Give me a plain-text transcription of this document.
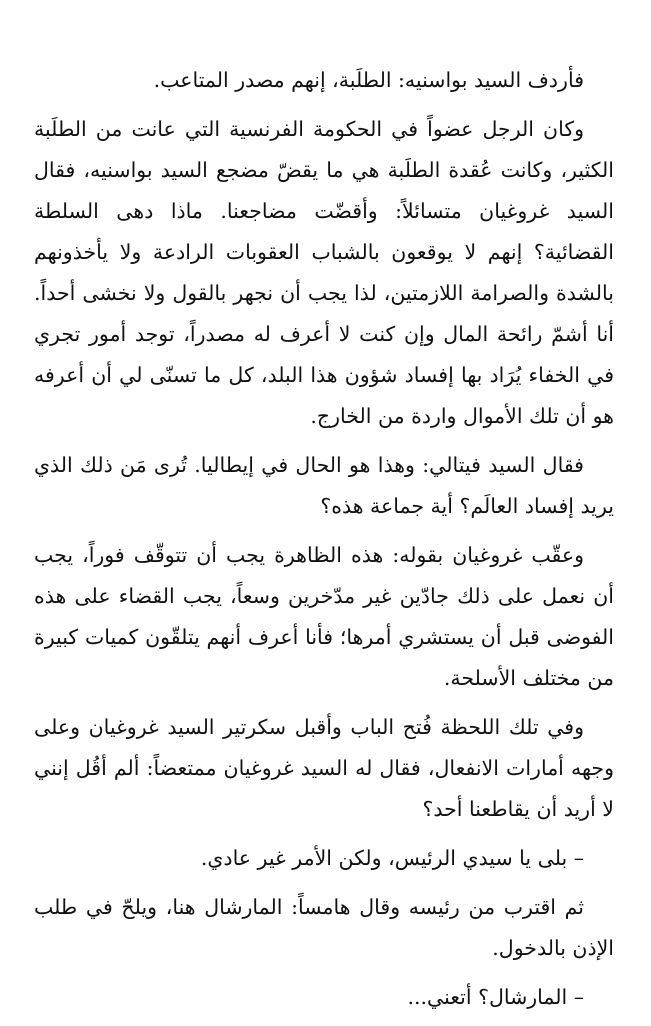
فأردف السيد بواسنيه: الطلَبة، إنهم مصدر المتاعب.

وكان الرجل عضواً في الحكومة الفرنسية التي عانت من الطلَبة الكثير، وكانت عُقدة الطلَبة هي ما يقضّ مضجع السيد بواسنيه، فقال السيد غروغيان متسائلاً: وأقضّت مضاجعنا. ماذا دهى السلطة القضائية؟ إنهم لا يوقعون بالشباب العقوبات الرادعة ولا يأخذونهم بالشدة والصرامة اللازمتين، لذا يجب أن نجهر بالقول ولا نخشى أحداً. أنا أشمّ رائحة المال وإن كنت لا أعرف له مصدراً، توجد أمور تجري في الخفاء يُرَاد بها إفساد شؤون هذا البلد، كل ما تسنّى لي أن أعرفه هو أن تلك الأموال واردة من الخارج.

فقال السيد فيتالي: وهذا هو الحال في إيطاليا. تُرى مَن ذلك الذي يريد إفساد العالَم؟ أية جماعة هذه؟

وعقّب غروغيان بقوله: هذه الظاهرة يجب أن تتوقّف فوراً، يجب أن نعمل على ذلك جادّين غير مدّخرين وسعاً، يجب القضاء على هذه الفوضى قبل أن يستشري أمرها؛ فأنا أعرف أنهم يتلقّون كميات كبيرة من مختلف الأسلحة.

وفي تلك اللحظة فُتح الباب وأقبل سكرتير السيد غروغيان وعلى وجهه أمارات الانفعال، فقال له السيد غروغيان ممتعضاً: ألم أقُل إنني لا أريد أن يقاطعنا أحد؟

– بلى يا سيدي الرئيس، ولكن الأمر غير عادي.

ثم اقترب من رئيسه وقال هامساً: المارشال هنا، ويلحّ في طلب الإذن بالدخول.

– المارشال؟ أتعني...
